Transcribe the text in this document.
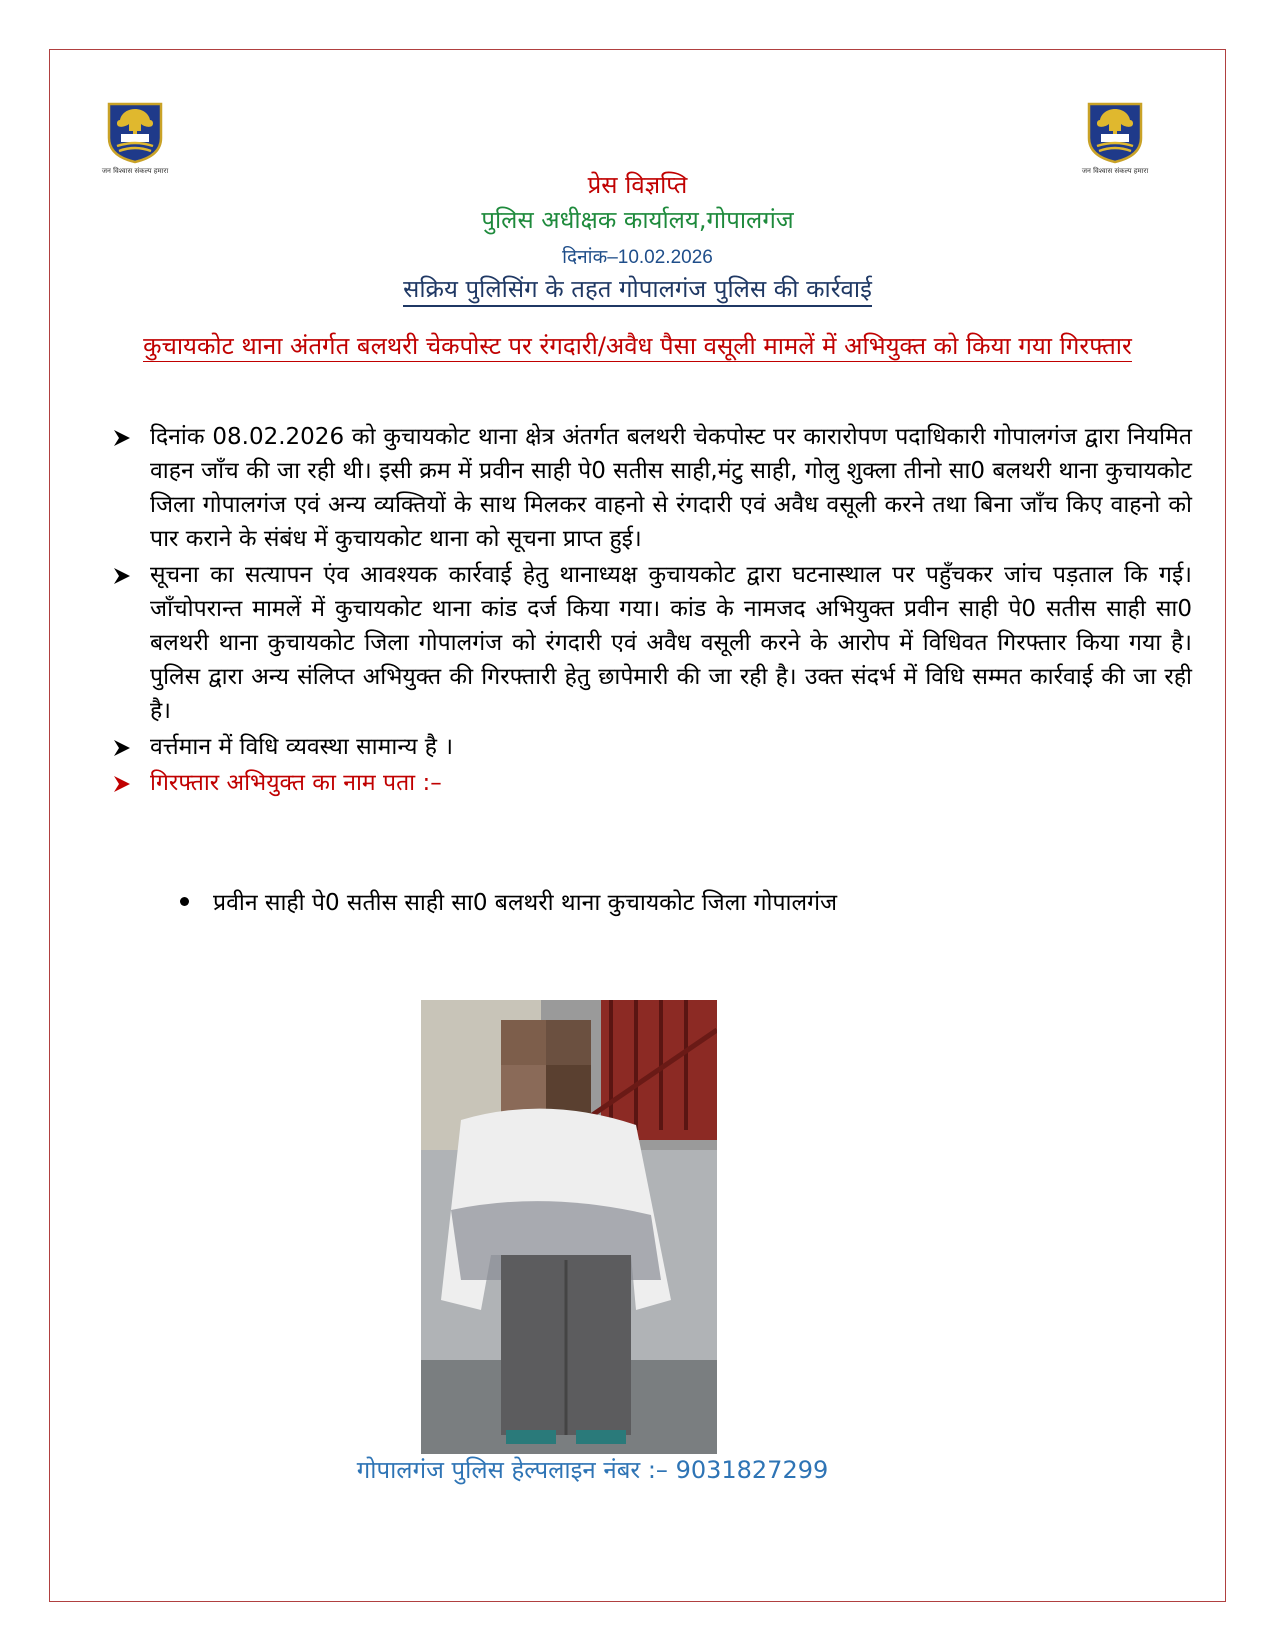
जन विश्वास संकल्प हमारा	जन विश्वास संकल्प हमारा
प्रेस विज्ञप्ति
पुलिस अधीक्षक कार्यालय,गोपालगंज
दिनांक–10.02.2026
सक्रिय पुलिसिंग के तहत गोपालगंज पुलिस की कार्रवाई
कुचायकोट थाना अंतर्गत बलथरी चेकपोस्ट पर रंगदारी/अवैध पैसा वसूली मामलें में अभियुक्त को किया गया गिरफ्तार
दिनांक 08.02.2026 को कुचायकोट थाना क्षेत्र अंतर्गत बलथरी चेकपोस्ट पर कारारोपण पदाधिकारी गोपालगंज द्वारा नियमित वाहन जाँच की जा रही थी। इसी क्रम में प्रवीन साही पे0 सतीस साही,मंटु साही, गोलु शुक्ला तीनो सा0 बलथरी थाना कुचायकोट जिला गोपालगंज एवं अन्य व्यक्तियों के साथ मिलकर वाहनो से रंगदारी एवं अवैध वसूली करने तथा बिना जाँच किए वाहनो को पार कराने के संबंध में कुचायकोट थाना को सूचना प्राप्त हुई।
सूचना का सत्यापन एंव आवश्यक कार्रवाई हेतु थानाध्यक्ष कुचायकोट द्वारा घटनास्थाल पर पहुँचकर जांच पड़ताल कि गई। जाँचोपरान्त मामलें में कुचायकोट थाना कांड दर्ज किया गया। कांड के नामजद अभियुक्त प्रवीन साही पे0 सतीस साही सा0 बलथरी थाना कुचायकोट जिला गोपालगंज को रंगदारी एवं अवैध वसूली करने के आरोप में विधिवत गिरफ्तार किया गया है। पुलिस द्वारा अन्य संलिप्त अभियुक्त की गिरफ्तारी हेतु छापेमारी की जा रही है। उक्त संदर्भ में विधि सम्मत कार्रवाई की जा रही है।
वर्त्तमान में विधि व्यवस्था सामान्य है ।
गिरफ्तार अभियुक्त का नाम पता :–
प्रवीन साही पे0 सतीस साही सा0 बलथरी थाना कुचायकोट जिला गोपालगंज
गोपालगंज पुलिस हेल्पलाइन नंबर :– 9031827299
